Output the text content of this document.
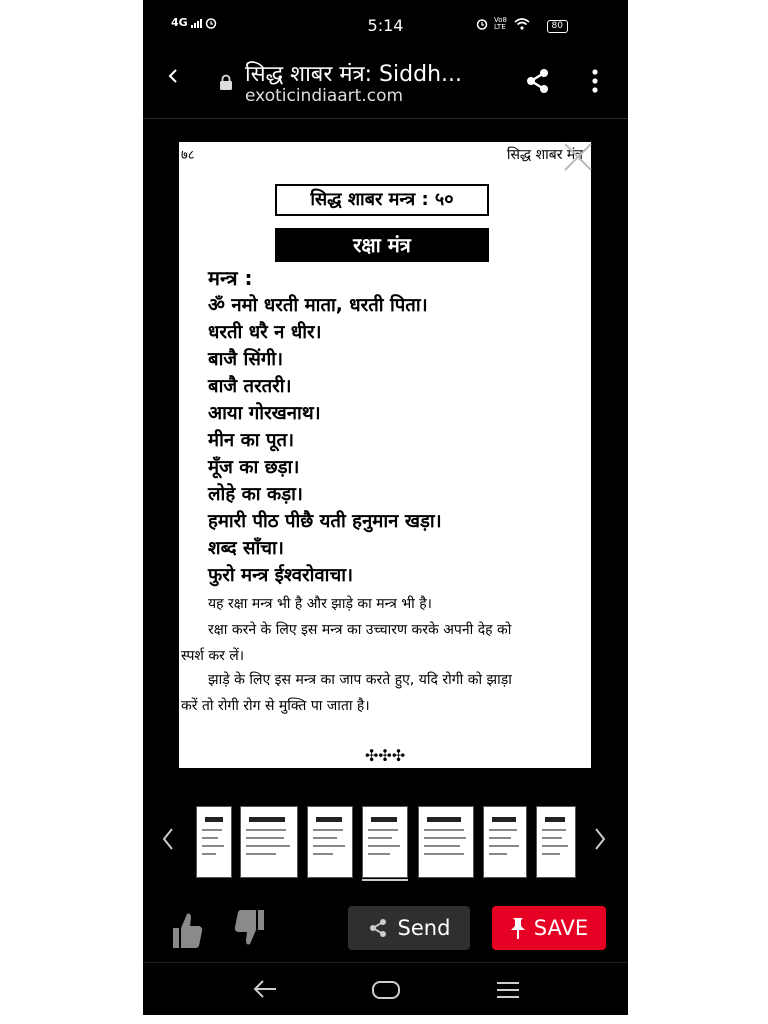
4G	5:14	Vo8 LTE	80
सिद्ध शाबर मंत्र: Siddh...
exoticindiaart.com
७८	सिद्ध शाबर मंत्र
सिद्ध शाबर मन्त्र : ५०
रक्षा मंत्र
मन्त्र :
ॐ नमो धरती माता, धरती पिता।
धरती धरै न धीर।
बाजै सिंगी।
बाजै तरतरी।
आया गोरखनाथ।
मीन का पूत।
मूँज का छड़ा।
लोहे का कड़ा।
हमारी पीठ पीछै यती हनुमान खड़ा।
शब्द साँचा।
फुरो मन्त्र ईश्वरोवाचा।
यह रक्षा मन्त्र भी है और झाड़े का मन्त्र भी है।
रक्षा करने के लिए इस मन्त्र का उच्चारण करके अपनी देह को
स्पर्श कर लें।
झाड़े के लिए इस मन्त्र का जाप करते हुए, यदि रोगी को झाड़ा
करें तो रोगी रोग से मुक्ति पा जाता है।
✣✣✣
Send	SAVE
